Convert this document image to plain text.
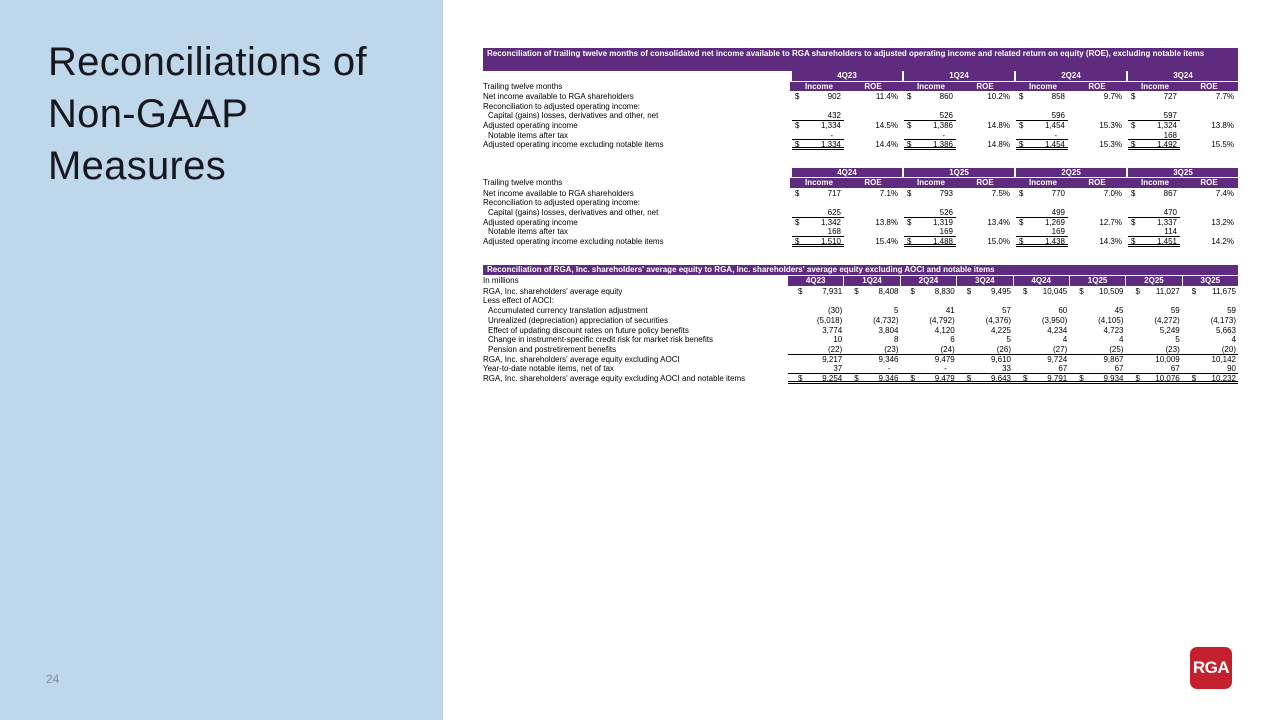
Reconciliations of Non-GAAP Measures
24
Reconciliation of trailing twelve months of consolidated net income available to RGA shareholders to adjusted operating income and related return on equity (ROE), excluding notable items
4Q23	1Q24	2Q24	3Q24
Trailing twelve months	Income	ROE	Income	ROE	Income	ROE	Income	ROE
Net income available to RGA shareholders	$	902	11.4% $	860	10.2% $	858	9.7% $	727	7.7%
Reconciliation to adjusted operating income:
Capital (gains) losses, derivatives and other, net	432	526	596	597
Adjusted operating income	$	1,334	14.5% $	1,386	14.8% $	1,454	15.3% $	1,324	13.8%
Notable items after tax	-	-	-	168
Adjusted operating income excluding notable items	$	1,334	14.4% $	1,386	14.8% $	1,454	15.3% $	1,492	15.5%
4Q24	1Q25	2Q25	3Q25
Trailing twelve months	Income	ROE	Income	ROE	Income	ROE	Income	ROE
Net income available to RGA shareholders	$	717	7.1% $	793	7.5% $	770	7.0% $	867	7.4%
Reconciliation to adjusted operating income:
Capital (gains) losses, derivatives and other, net	625	526	499	470
Adjusted operating income	$	1,342	13.8% $	1,319	13.4% $	1,269	12.7% $	1,337	13.2%
Notable items after tax	168	169	169	114
Adjusted operating income excluding notable items	$	1,510	15.4% $	1,488	15.0% $	1,438	14.3% $	1,451	14.2%
Reconciliation of RGA, Inc. shareholders' average equity to RGA, Inc. shareholders' average equity excluding AOCI and notable items
In millions	4Q23	1Q24	2Q24	3Q24	4Q24	1Q25	2Q25	3Q25
RGA, Inc. shareholders' average equity	$ 7,931 $ 8,408 $ 8,830 $ 9,495 $ 10,045 $ 10,509 $ 11,027 $ 11,675
Less effect of AOCI:
Accumulated currency translation adjustment	(30)	5	41	57	60	45	59	59
Unrealized (depreciation) appreciation of securities	(5,018)	(4,732)	(4,792)	(4,376)	(3,950)	(4,105)	(4,272)	(4,173)
Effect of updating discount rates on future policy benefits	3,774	3,804	4,120	4,225	4,234	4,723	5,249	5,663
Change in instrument-specific credit risk for market risk benefits	10	8	6	5	4	4	5	4
Pension and postretirement benefits	(22)	(23)	(24)	(26)	(27)	(25)	(23)	(20)
RGA, Inc. shareholders' average equity excluding AOCI	9,217	9,346	9,479	9,610	9,724	9,867	10,009	10,142
Year-to-date notable items, net of tax	37	-	-	33	67	67	67	90
RGA, Inc. shareholders' average equity excluding AOCI and notable items	$ 9,254 $ 9,346 $ 9,479 $ 9,643 $ 9,791 $ 9,934 $ 10,076 $ 10,232
RGA
